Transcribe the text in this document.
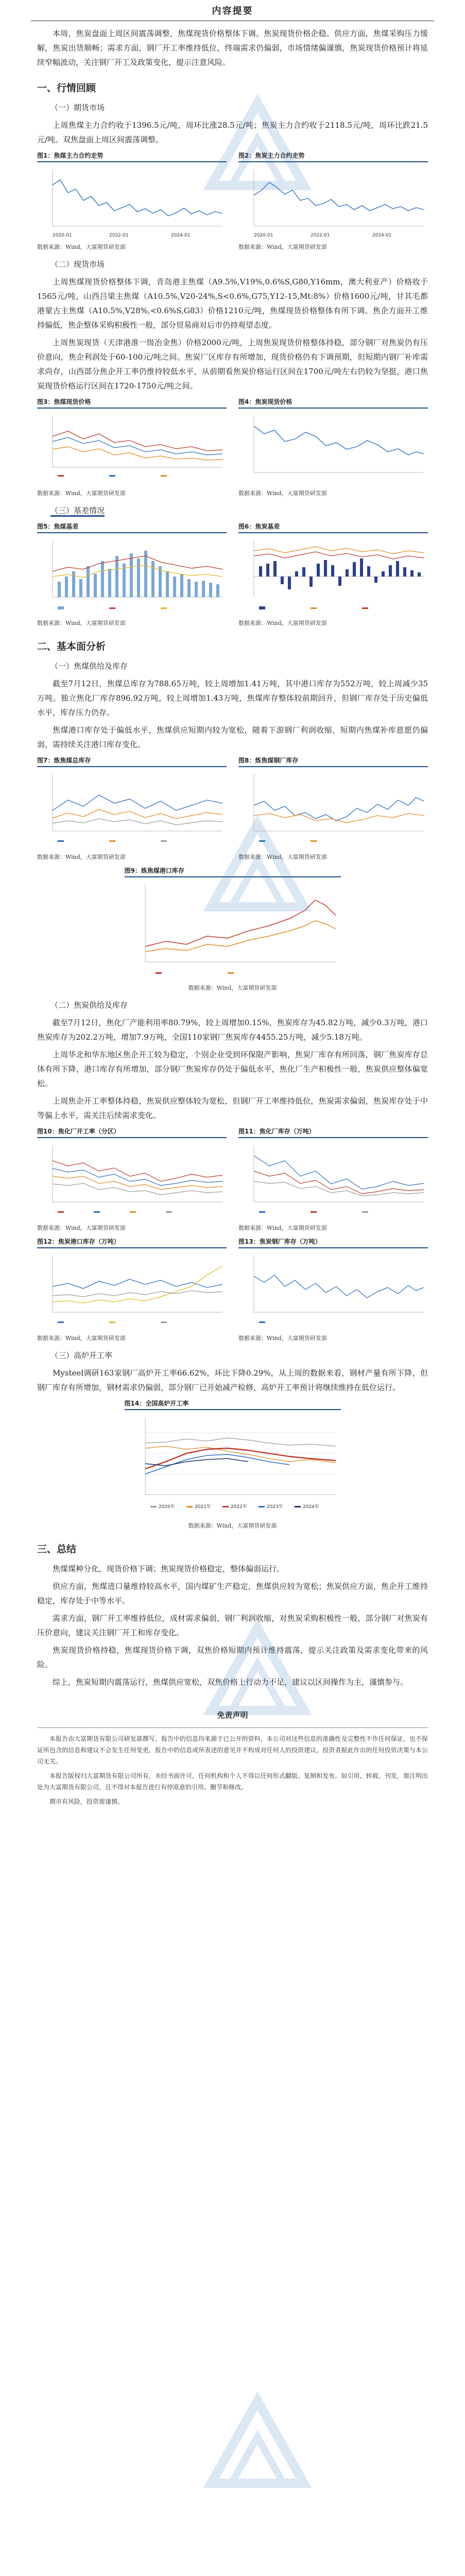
内容提要

本周，焦炭盘面上周区间震荡调整，焦煤现货价格整体下调。焦炭现货价格企稳。供应方面，焦煤采购压力缓解，焦炭出货顺畅；需求方面，钢厂开工率维持低位，终端需求仍偏弱，市场情绪偏谨慎，焦炭现货价格预计将延续窄幅波动，关注钢厂开工及政策变化，提示注意风险。

一、行情回顾
（一）期货市场

上周焦煤主力合约收于1396.5元/吨，周环比涨28.5元/吨；焦炭主力合约收于2118.5元/吨，周环比跌21.5元/吨。双焦盘面上周区间震荡调整。

图1：焦煤主力合约走势
2020-01	2022-01	2024-01
图2：焦炭主力合约走势
2020-01	2022-01	2024-01
数据来源：Wind，大富期货研发部	数据来源：Wind，大富期货研发部
（二）现货市场

上周焦煤现货价格整体下调，青岛港主焦煤（A9.5%,V19%,0.6%S,G80,Y16mm，澳大利亚产）价格收于1565元/吨，山西吕梁主焦煤（A10.5%,V20-24%,S<0.6%,G75,Y12-15,Mt:8%）价格1600元/吨，甘其毛都港蒙古主焦煤（A10.5%,V28%,<0.6%S,G83）价格1210元/吨，焦煤现货价格整体有所下调。焦企方面开工维持偏低，焦企整体采购积极性一般，部分贸易商对后市仍持观望态度。

上周焦炭现货（天津港准一级冶金焦）价格2000元/吨，上周焦炭现货价格整体持稳，部分钢厂对焦炭仍有压价意向，焦企利润处于60-100元/吨之间。焦炭厂区库存有所增加，现货价格仍有下调预期，但短期内钢厂补库需求尚存，山西部分焦企开工率仍维持较低水平，从前期看焦炭价格运行区间在1700元/吨左右仍较为坚挺，港口焦炭现货价格运行区间在1720-1750元/吨之间。

图3：焦煤现货价格	图4：焦炭现货价格
数据来源：Wind，大富期货研发部	数据来源：Wind，大富期货研发部
（三）基差情况
图5：焦煤基差	图6：焦炭基差
数据来源：Wind，大富期货研发部	数据来源：Wind，大富期货研发部
二、基本面分析
（一）焦煤供给及库存

截至7月12日，焦煤总库存为788.65万吨，较上周增加1.41万吨，其中港口库存为552万吨，较上周减少35万吨。独立焦化厂库存896.92万吨，较上周增加1.43万吨，焦煤库存整体较前期回升，但钢厂库存处于历史偏低水平，库存压力仍存。

焦煤港口库存处于偏低水平，焦煤供应短期内较为宽松，随着下游钢厂利润收缩，短期内焦煤补库意愿仍偏弱，需持续关注港口库存变化。

图7：炼焦煤总库存	图8：炼焦煤钢厂库存
数据来源：Wind，大富期货研发部	数据来源：Wind，大富期货研发部
图9：炼焦煤港口库存
数据来源：Wind，大富期货研发部
（二）焦炭供给及库存

截至7月12日，焦化厂产能利用率80.79%，较上周增加0.15%，焦炭库存为45.82万吨，减少0.3万吨，港口焦炭库存为202.2万吨，增加7.9万吨，全国110家钢厂焦炭库存4455.25万吨，减少5.18万吨。

上周华北和华东地区焦企开工较为稳定，个别企业受到环保限产影响，焦炭厂库存有所回落，钢厂焦炭库存总体有所下降，港口库存有所增加，部分钢厂焦炭库存仍处于偏低水平，焦化厂生产积极性一般，焦炭供应整体偏宽松。

上周焦企开工率整体持稳，焦炭供应整体较为宽松，但钢厂开工率维持低位，焦炭需求偏弱，焦炭库存处于中等偏上水平，需关注后续需求变化。

图10：焦化厂开工率（分区）	图11：焦化厂库存（万吨）
数据来源：Wind，大富期货研发部	数据来源：Wind，大富期货研发部
图12：焦炭港口库存（万吨）	图13：焦炭钢厂库存（万吨）
数据来源：Wind，大富期货研发部	数据来源：Wind，大富期货研发部
（三）高炉开工率

Mysteel调研163家钢厂高炉开工率66.62%，环比下降0.29%，从上周的数据来看，钢材产量有所下降，但钢厂库存有所增加，钢材需求仍偏弱，部分钢厂已开始减产检修，高炉开工率预计将继续维持在低位运行。

图14：全国高炉开工率
2020年	2021年	2022年	2023年	2024年
数据来源：Wind，大富期货研发部
三、总结

焦煤煤种分化，现货价格下调；焦炭现货价格稳定，整体偏弱运行。

供应方面，焦煤进口量维持较高水平，国内煤矿生产稳定，焦煤供应较为宽松；焦炭供应方面，焦企开工维持稳定，库存处于中等水平。

需求方面，钢厂开工率维持低位，成材需求偏弱，钢厂利润收缩，对焦炭采购积极性一般，部分钢厂对焦炭有压价意向，建议关注钢厂开工和库存变化。

焦炭现货价格持稳，焦煤现货价格下调，双焦价格短期内预计维持震荡，提示关注政策及需求变化带来的风险。

综上，焦炭短期内震荡运行，焦煤供应宽松，双焦价格上行动力不足，建议以区间操作为主，谨慎参与。

免责声明

本报告由大富期货有限公司研发部撰写，报告中的信息均来源于已公开的资料，本公司对这些信息的准确性及完整性不作任何保证，也不保证所包含的信息和建议不会发生任何变更。报告中的信息或所表述的意见并不构成对任何人的投资建议，投资者据此作出的任何投资决策与本公司无关。

本报告版权归大富期货有限公司所有，未经书面许可，任何机构和个人不得以任何形式翻版、复制和发布。如引用、转载、刊发，需注明出处为大富期货有限公司，且不得对本报告进行有悖原意的引用、删节和修改。

期市有风险，投资需谨慎。
